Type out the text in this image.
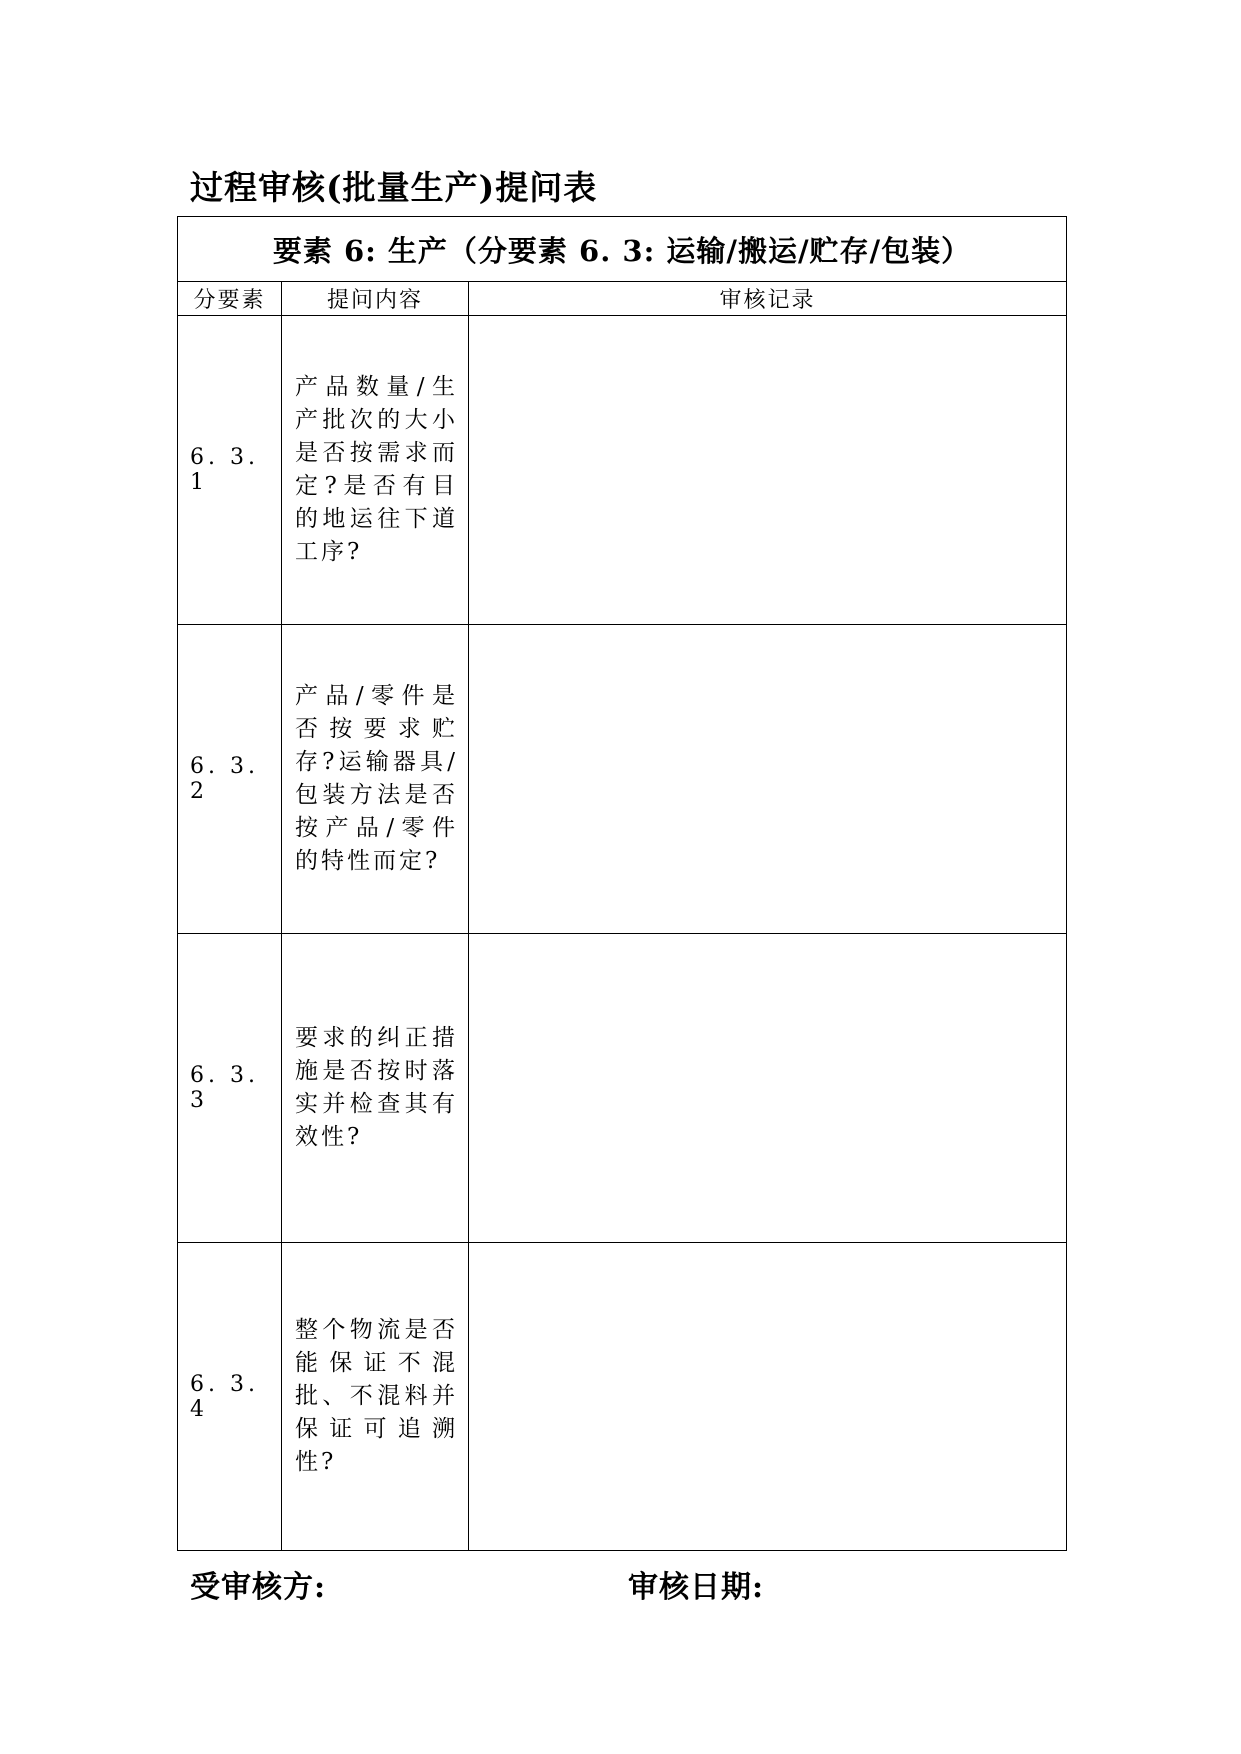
过程审核(批量生产)提问表
要素 6: 生产（分要素 6. 3: 运输/搬运/贮存/包装）		
分要素	提问内容	审核记录
6. 3. 1	产品数量/生产批次的大小是否按需求而定?是否有目的地运往下道工序?	
6. 3. 2	产品/零件是否按要求贮存?运输器具/包装方法是否按产品/零件的特性而定?	
6. 3. 3	要求的纠正措施是否按时落实并检查其有效性?	
6. 3. 4	整个物流是否能保证不混批、不混料并保证可追溯性?	
受审核方:	审核日期:
